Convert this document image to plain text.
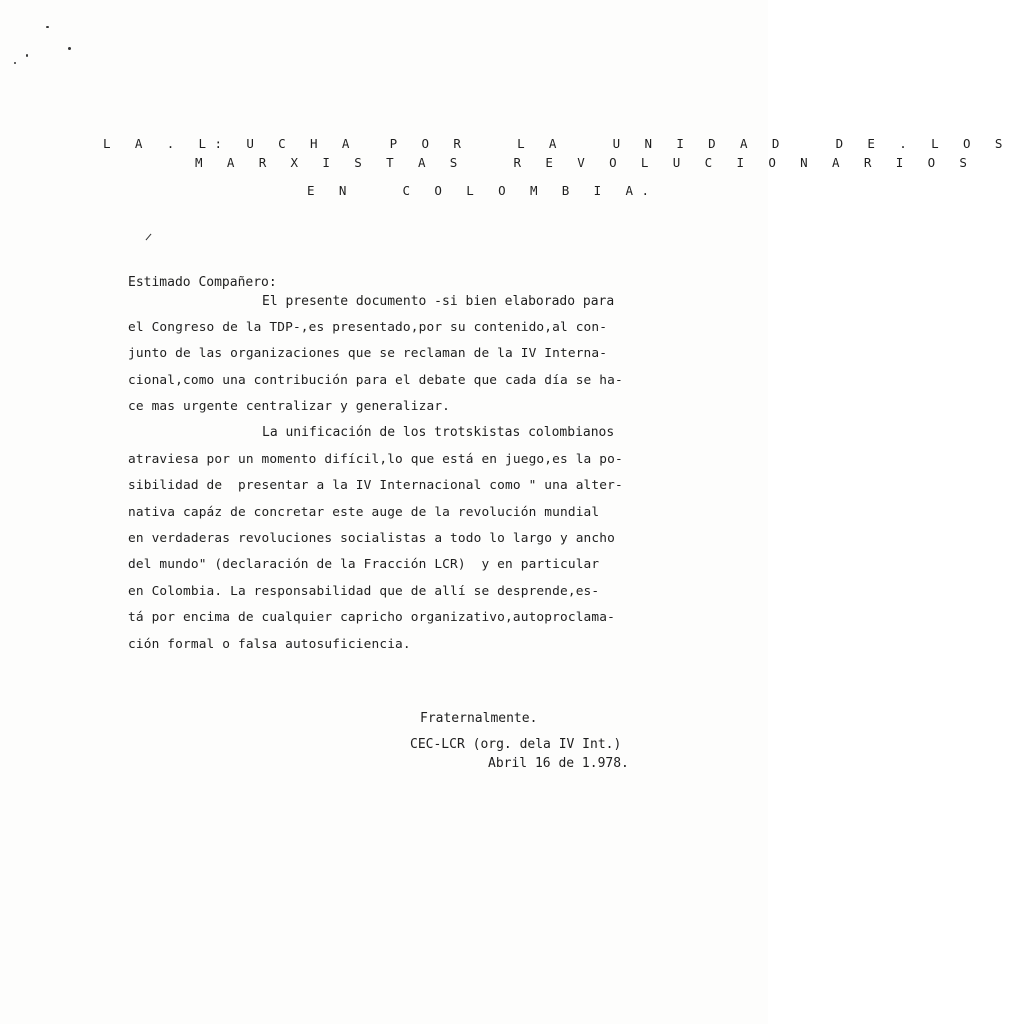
L A . L: U C H A  P O R   L A   U N I D A D   D E . L O S
M A R X I S T A S   R E V O L U C I O N A R I O S
E N   C O L O M B I A.
Estimado Compañero:
El presente documento -si bien elaborado para
el Congreso de la TDP-,es presentado,por su contenido,al con-
junto de las organizaciones que se reclaman de la IV Interna-
cional,como una contribución para el debate que cada día se ha-
ce mas urgente centralizar y generalizar.
La unificación de los trotskistas colombianos
atraviesa por un momento difícil,lo que está en juego,es la po-
sibilidad de  presentar a la IV Internacional como " una alter-
nativa capáz de concretar este auge de la revolución mundial
en verdaderas revoluciones socialistas a todo lo largo y ancho
del mundo" (declaración de la Fracción LCR)  y en particular
en Colombia. La responsabilidad que de allí se desprende,es-
tá por encima de cualquier capricho organizativo,autoproclama-
ción formal o falsa autosuficiencia.
Fraternalmente.
CEC-LCR (org. dela IV Int.)
Abril 16 de 1.978.
